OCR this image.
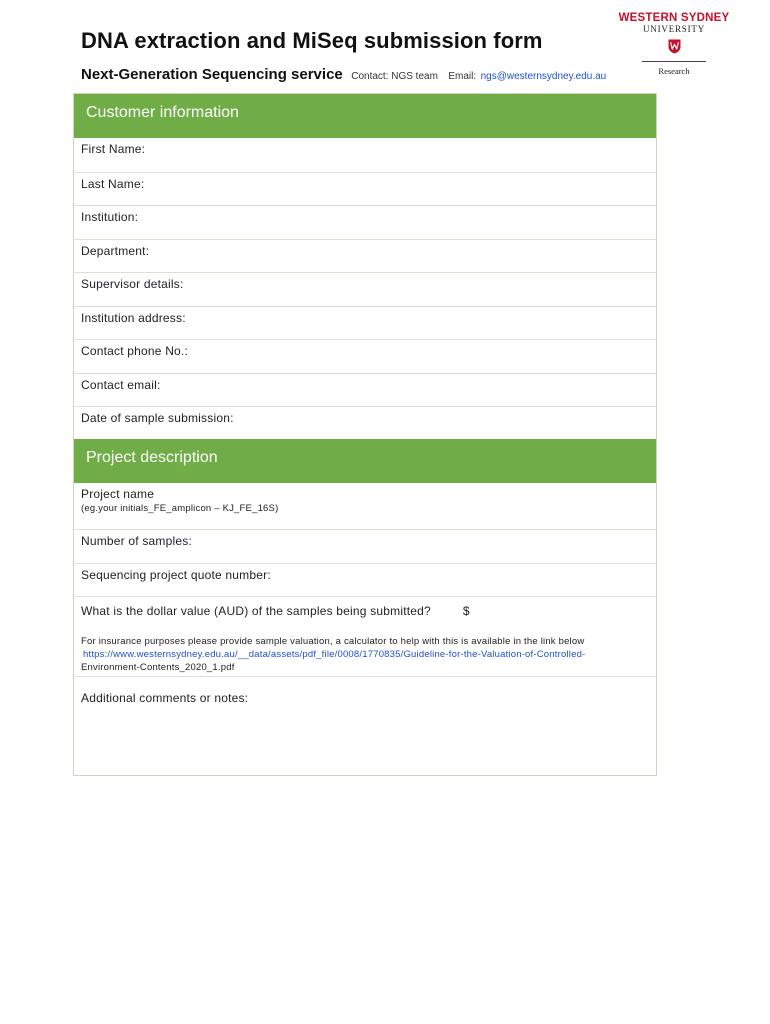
DNA extraction and MiSeq submission form
Next-Generation Sequencing service Contact: NGS team Email: ngs@westernsydney.edu.au
WESTERN SYDNEY
UNIVERSITY
Research
Customer information
First Name:
Last Name:
Institution:
Department:
Supervisor details:
Institution address:
Contact phone No.:
Contact email:
Date of sample submission:
Project description
Project name
(eg.your initials_FE_amplicon – KJ_FE_16S)
Number of samples:
Sequencing project quote number:
What is the dollar value (AUD) of the samples being submitted?	$
For insurance purposes please provide sample valuation, a calculator to help with this is available in the link below
https://www.westernsydney.edu.au/__data/assets/pdf_file/0008/1770835/Guideline-for-the-Valuation-of-Controlled-
Environment-Contents_2020_1.pdf
Additional comments or notes:
